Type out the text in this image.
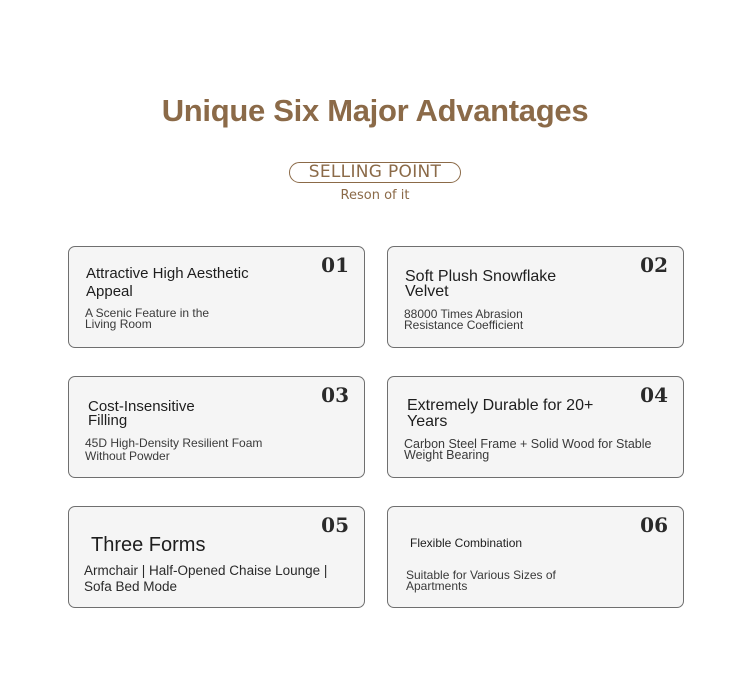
Unique Six Major Advantages
SELLING POINT
Reson of it
01
Attractive High Aesthetic Appeal
A Scenic Feature in the Living Room
02
Soft Plush Snowflake Velvet
88000 Times Abrasion Resistance Coefficient
03
Cost-Insensitive Filling
45D High-Density Resilient Foam Without Powder
04
Extremely Durable for 20+ Years
Carbon Steel Frame + Solid Wood for Stable Weight Bearing
05
Three Forms
Armchair | Half-Opened Chaise Lounge | Sofa Bed Mode
06
Flexible Combination
Suitable for Various Sizes of Apartments
